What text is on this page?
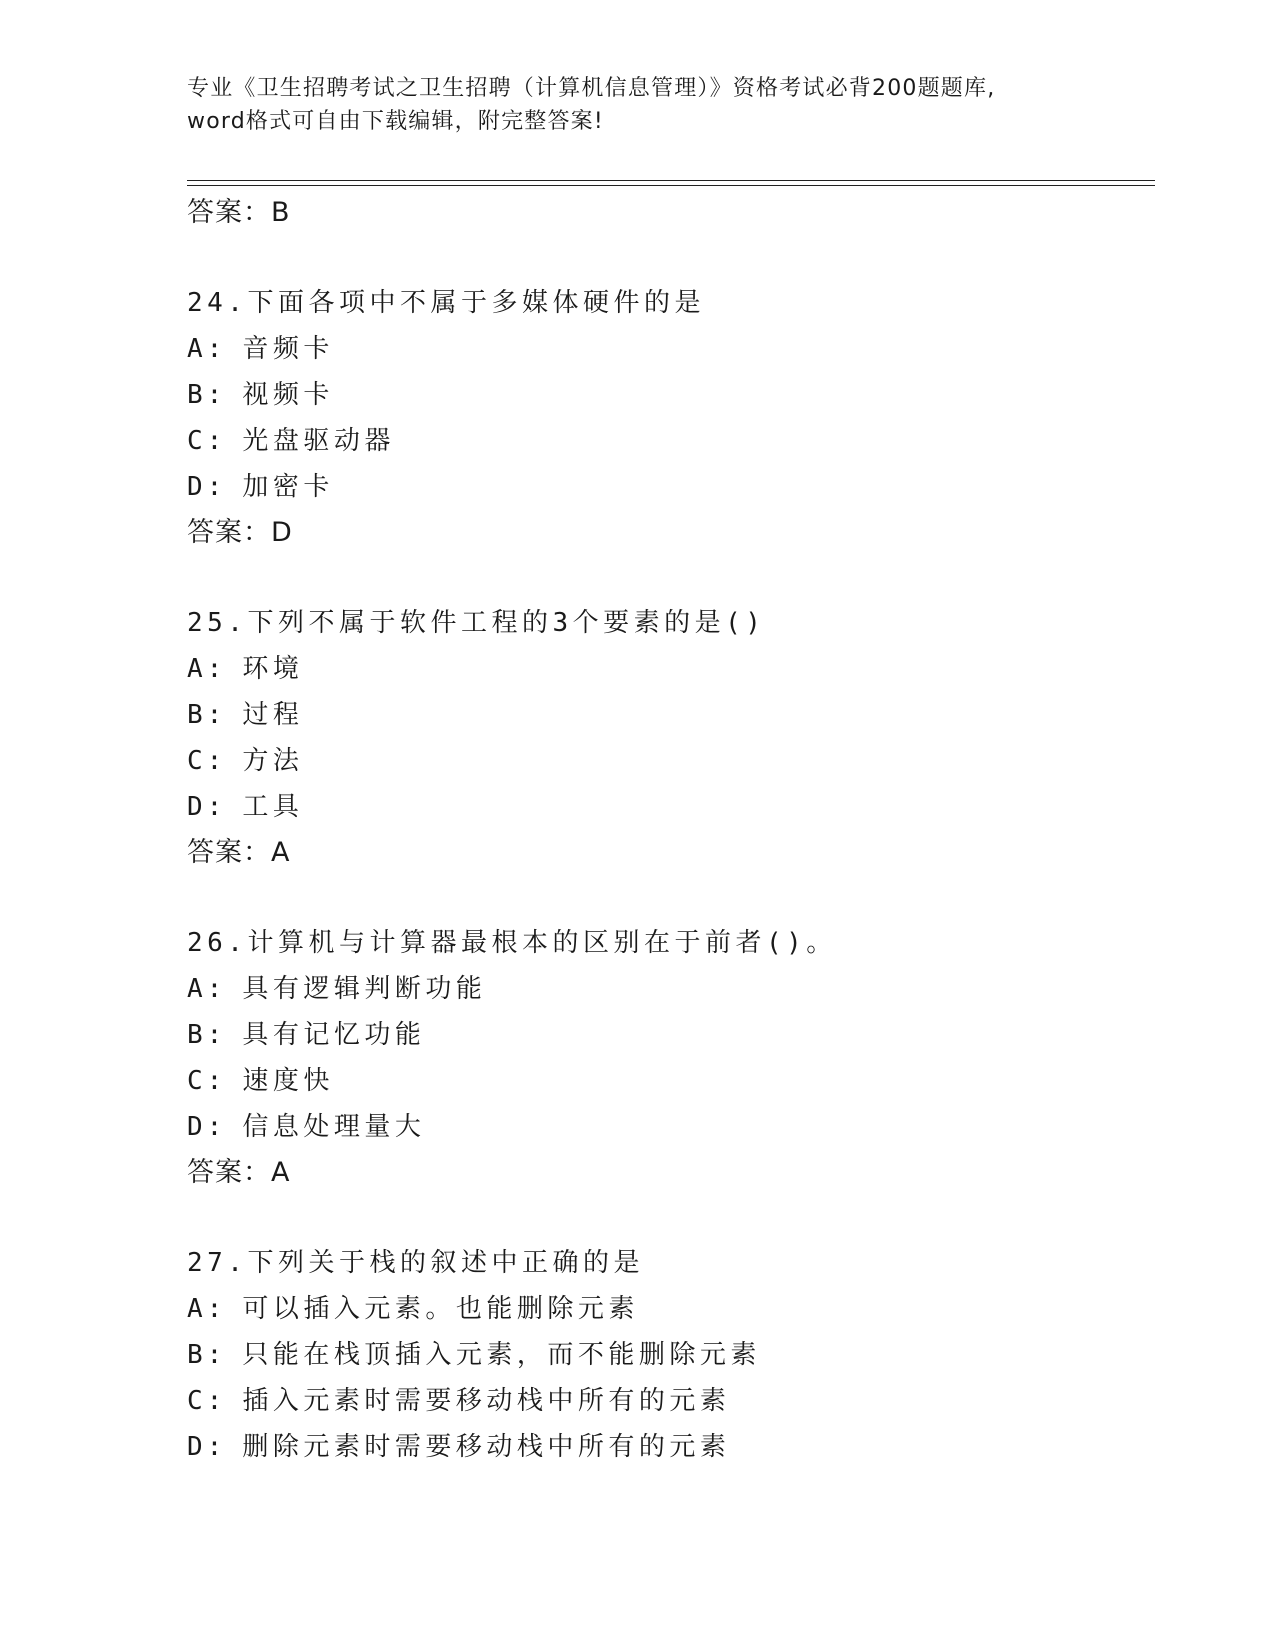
专业《卫生招聘考试之卫生招聘（计算机信息管理）》资格考试必背200题题库,
word格式可自由下载编辑，附完整答案!
答案：B
24.下面各项中不属于多媒体硬件的是
A: 音频卡
B: 视频卡
C: 光盘驱动器
D: 加密卡
答案：D
25.下列不属于软件工程的3个要素的是()
A: 环境
B: 过程
C: 方法
D: 工具
答案：A
26.计算机与计算器最根本的区别在于前者()。
A: 具有逻辑判断功能
B: 具有记忆功能
C: 速度快
D: 信息处理量大
答案：A
27.下列关于栈的叙述中正确的是
A: 可以插入元素。也能删除元素
B: 只能在栈顶插入元素，而不能删除元素
C: 插入元素时需要移动栈中所有的元素
D: 删除元素时需要移动栈中所有的元素
